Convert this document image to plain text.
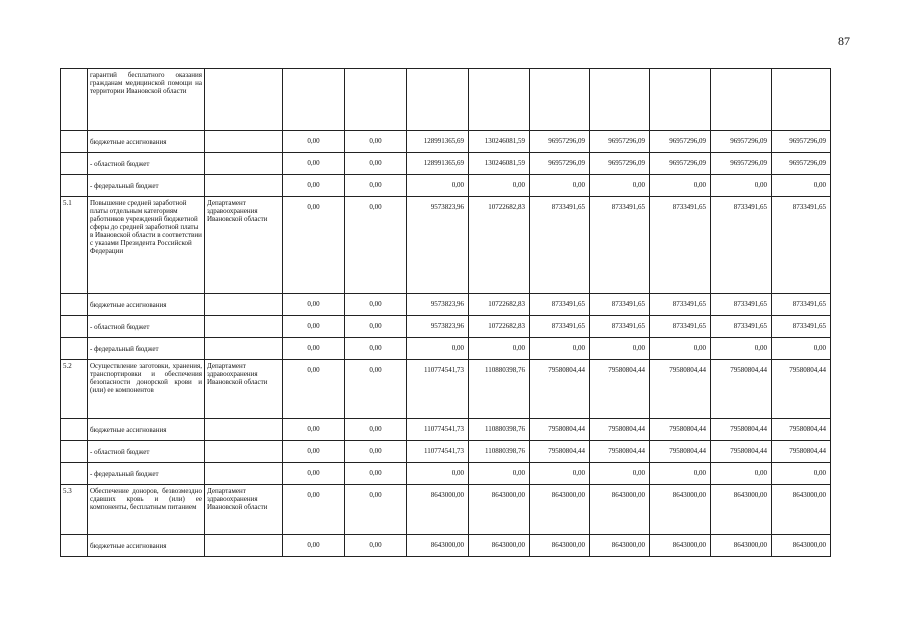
87
	гарантий бесплатного оказания гражданам медицинской помощи на территории Ивановской области										
	бюджетные ассигнования		0,00	0,00	128991365,69	130246081,59	96957296,09	96957296,09	96957296,09	96957296,09	96957296,09
	- областной бюджет		0,00	0,00	128991365,69	130246081,59	96957296,09	96957296,09	96957296,09	96957296,09	96957296,09
	- федеральный бюджет		0,00	0,00	0,00	0,00	0,00	0,00	0,00	0,00	0,00
5.1	Повышение средней заработной платы отдельным категориям работников учреждений бюджетной сферы до средней заработной платы в Ивановской области в соответствии с указами Президента Российской Федерации	Департамент здравоохранения Ивановской области	0,00	0,00	9573823,96	10722682,83	8733491,65	8733491,65	8733491,65	8733491,65	8733491,65
	бюджетные ассигнования		0,00	0,00	9573823,96	10722682,83	8733491,65	8733491,65	8733491,65	8733491,65	8733491,65
	- областной бюджет		0,00	0,00	9573823,96	10722682,83	8733491,65	8733491,65	8733491,65	8733491,65	8733491,65
	- федеральный бюджет		0,00	0,00	0,00	0,00	0,00	0,00	0,00	0,00	0,00
5.2	Осуществление заготовки, хранения, транспортировки и обеспечения безопасности донорской крови и (или) ее компонентов	Департамент здравоохранения Ивановской области	0,00	0,00	110774541,73	110880398,76	79580804,44	79580804,44	79580804,44	79580804,44	79580804,44
	бюджетные ассигнования		0,00	0,00	110774541,73	110880398,76	79580804,44	79580804,44	79580804,44	79580804,44	79580804,44
	- областной бюджет		0,00	0,00	110774541,73	110880398,76	79580804,44	79580804,44	79580804,44	79580804,44	79580804,44
	- федеральный бюджет		0,00	0,00	0,00	0,00	0,00	0,00	0,00	0,00	0,00
5.3	Обеспечение доноров, безвозмездно сдавших кровь и (или) ее компоненты, бесплатным питанием	Департамент здравоохранения Ивановской области	0,00	0,00	8643000,00	8643000,00	8643000,00	8643000,00	8643000,00	8643000,00	8643000,00
	бюджетные ассигнования		0,00	0,00	8643000,00	8643000,00	8643000,00	8643000,00	8643000,00	8643000,00	8643000,00
